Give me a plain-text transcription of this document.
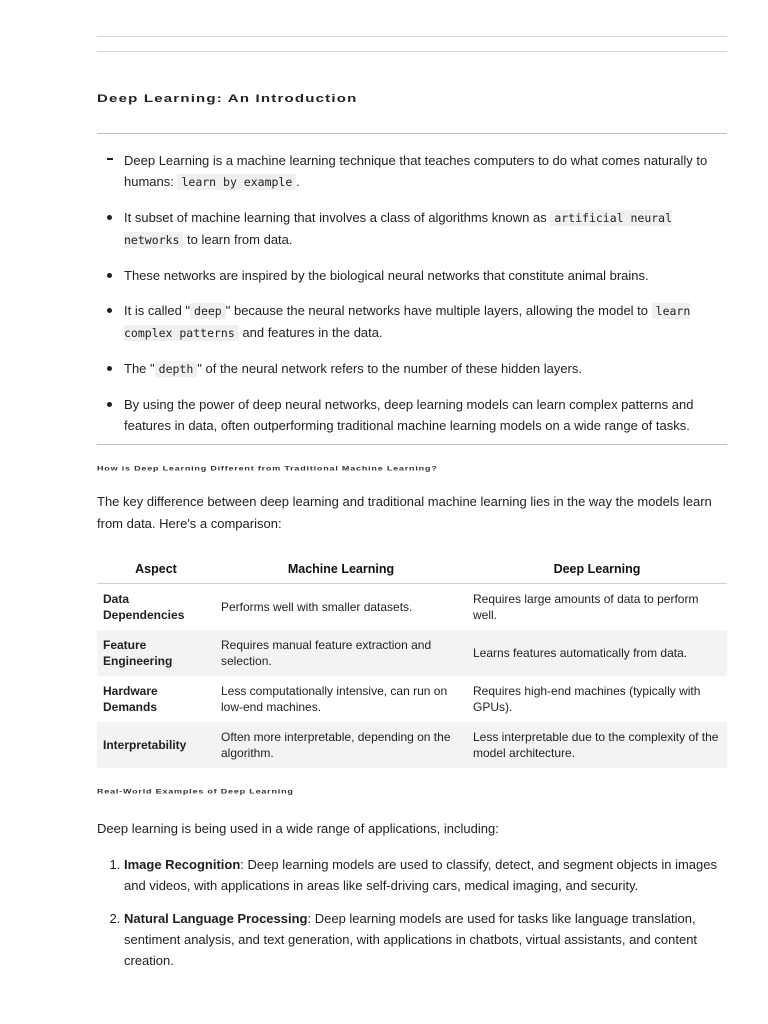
Deep Learning: An Introduction
Deep Learning is a machine learning technique that teaches computers to do what comes naturally to humans: learn by example .
It subset of machine learning that involves a class of algorithms known as artificial neural networks to learn from data.
These networks are inspired by the biological neural networks that constitute animal brains.
It is called " deep " because the neural networks have multiple layers, allowing the model to learn complex patterns and features in the data.
The " depth " of the neural network refers to the number of these hidden layers.
By using the power of deep neural networks, deep learning models can learn complex patterns and features in data, often outperforming traditional machine learning models on a wide range of tasks.
How is Deep Learning Different from Traditional Machine Learning?

The key difference between deep learning and traditional machine learning lies in the way the models learn from data. Here's a comparison:

Aspect	Machine Learning	Deep Learning
Data Dependencies	Performs well with smaller datasets.	Requires large amounts of data to perform well.
Feature Engineering	Requires manual feature extraction and selection.	Learns features automatically from data.
Hardware Demands	Less computationally intensive, can run on low-end machines.	Requires high-end machines (typically with GPUs).
Interpretability	Often more interpretable, depending on the algorithm.	Less interpretable due to the complexity of the model architecture.
Real-World Examples of Deep Learning

Deep learning is being used in a wide range of applications, including:

1. Image Recognition: Deep learning models are used to classify, detect, and segment objects in images and videos, with applications in areas like self-driving cars, medical imaging, and security.
2. Natural Language Processing: Deep learning models are used for tasks like language translation, sentiment analysis, and text generation, with applications in chatbots, virtual assistants, and content creation.
